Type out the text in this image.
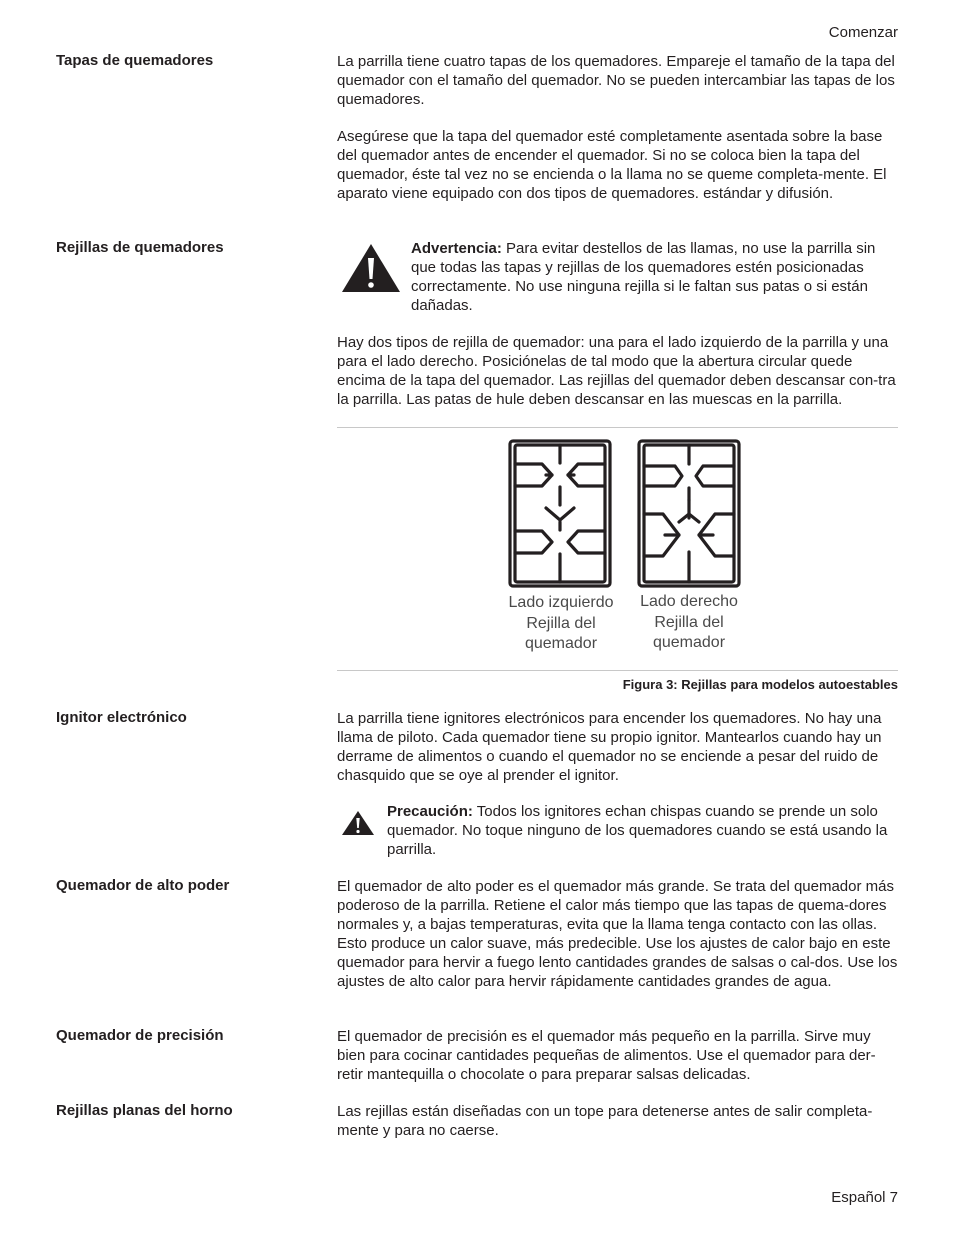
Comenzar
Español 7
Tapas de quemadores	La parrilla tiene cuatro tapas de los quemadores. Empareje el tamaño de la tapa del quemador con el tamaño del quemador. No se pueden intercambiar las tapas de los quemadores.

Asegúrese que la tapa del quemador esté completamente asentada sobre la base del quemador antes de encender el quemador. Si no se coloca bien la tapa del quemador, éste tal vez no se encienda o la llama no se queme completa-mente. El aparato viene equipado con dos tipos de quemadores. estándar y difusión.

Rejillas de quemadores	Advertencia: Para evitar destellos de las llamas, no use la parrilla sin que todas las tapas y rejillas de los quemadores estén posicionadas correctamente. No use ninguna rejilla si le faltan sus patas o si están dañadas.

Hay dos tipos de rejilla de quemador: una para el lado izquierdo de la parrilla y una para el lado derecho. Posiciónelas de tal modo que la abertura circular quede encima de la tapa del quemador. Las rejillas del quemador deben descansar con-tra la parrilla. Las patas de hule deben descansar en las muescas en la parrilla.

Lado izquierdo
Rejilla del
quemador
Lado derecho
Rejilla del
quemador
Figura 3: Rejillas para modelos autoestables
Ignitor electrónico	La parrilla tiene ignitores electrónicos para encender los quemadores. No hay una llama de piloto. Cada quemador tiene su propio ignitor. Mantearlos cuando hay un derrame de alimentos o cuando el quemador no se enciende a pesar del ruido de chasquido que se oye al prender el ignitor.

Precaución: Todos los ignitores echan chispas cuando se prende un solo quemador. No toque ninguno de los quemadores cuando se está usando la parrilla.
Quemador de alto poder	El quemador de alto poder es el quemador más grande. Se trata del quemador más poderoso de la parrilla. Retiene el calor más tiempo que las tapas de quema-dores normales y, a bajas temperaturas, evita que la llama tenga contacto con las ollas. Esto produce un calor suave, más predecible. Use los ajustes de calor bajo en este quemador para hervir a fuego lento cantidades grandes de salsas o cal-dos. Use los ajustes de alto calor para hervir rápidamente cantidades grandes de agua.

Quemador de precisión	El quemador de precisión es el quemador más pequeño en la parrilla. Sirve muy bien para cocinar cantidades pequeñas de alimentos. Use el quemador para der-retir mantequilla o chocolate o para preparar salsas delicadas.

Rejillas planas del horno	Las rejillas están diseñadas con un tope para detenerse antes de salir completa-mente y para no caerse.
